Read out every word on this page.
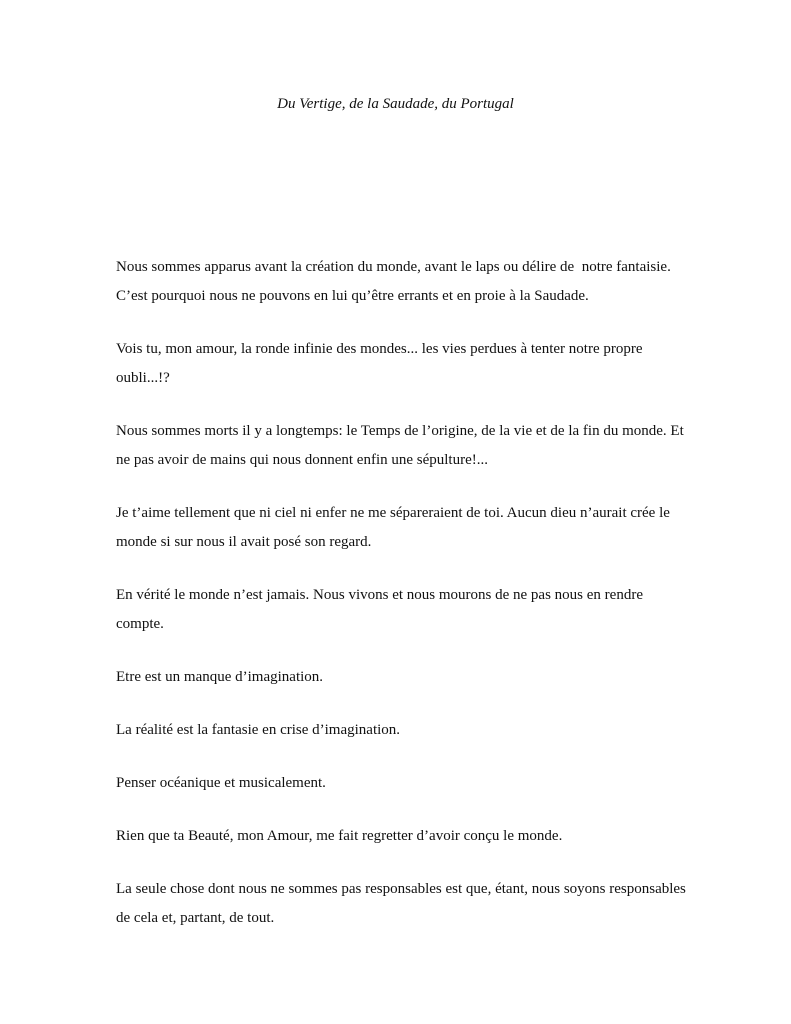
Du Vertige, de la Saudade, du Portugal

Nous sommes apparus avant la création du monde, avant le laps ou délire de  notre fantaisie. C’est pourquoi nous ne pouvons en lui qu’être errants et en proie à la Saudade.

Vois tu, mon amour, la ronde infinie des mondes... les vies perdues à tenter notre propre oubli...!?

Nous sommes morts il y a longtemps: le Temps de l’origine, de la vie et de la fin du monde. Et ne pas avoir de mains qui nous donnent enfin une sépulture!...

Je t’aime tellement que ni ciel ni enfer ne me sépareraient de toi. Aucun dieu n’aurait crée le monde si sur nous il avait posé son regard.

En vérité le monde n’est jamais. Nous vivons et nous mourons de ne pas nous en rendre compte.

Etre est un manque d’imagination.

La réalité est la fantasie en crise d’imagination.

Penser océanique et musicalement.

Rien que ta Beauté, mon Amour, me fait regretter d’avoir conçu le monde.

La seule chose dont nous ne sommes pas responsables est que, étant, nous soyons responsables de cela et, partant, de tout.
